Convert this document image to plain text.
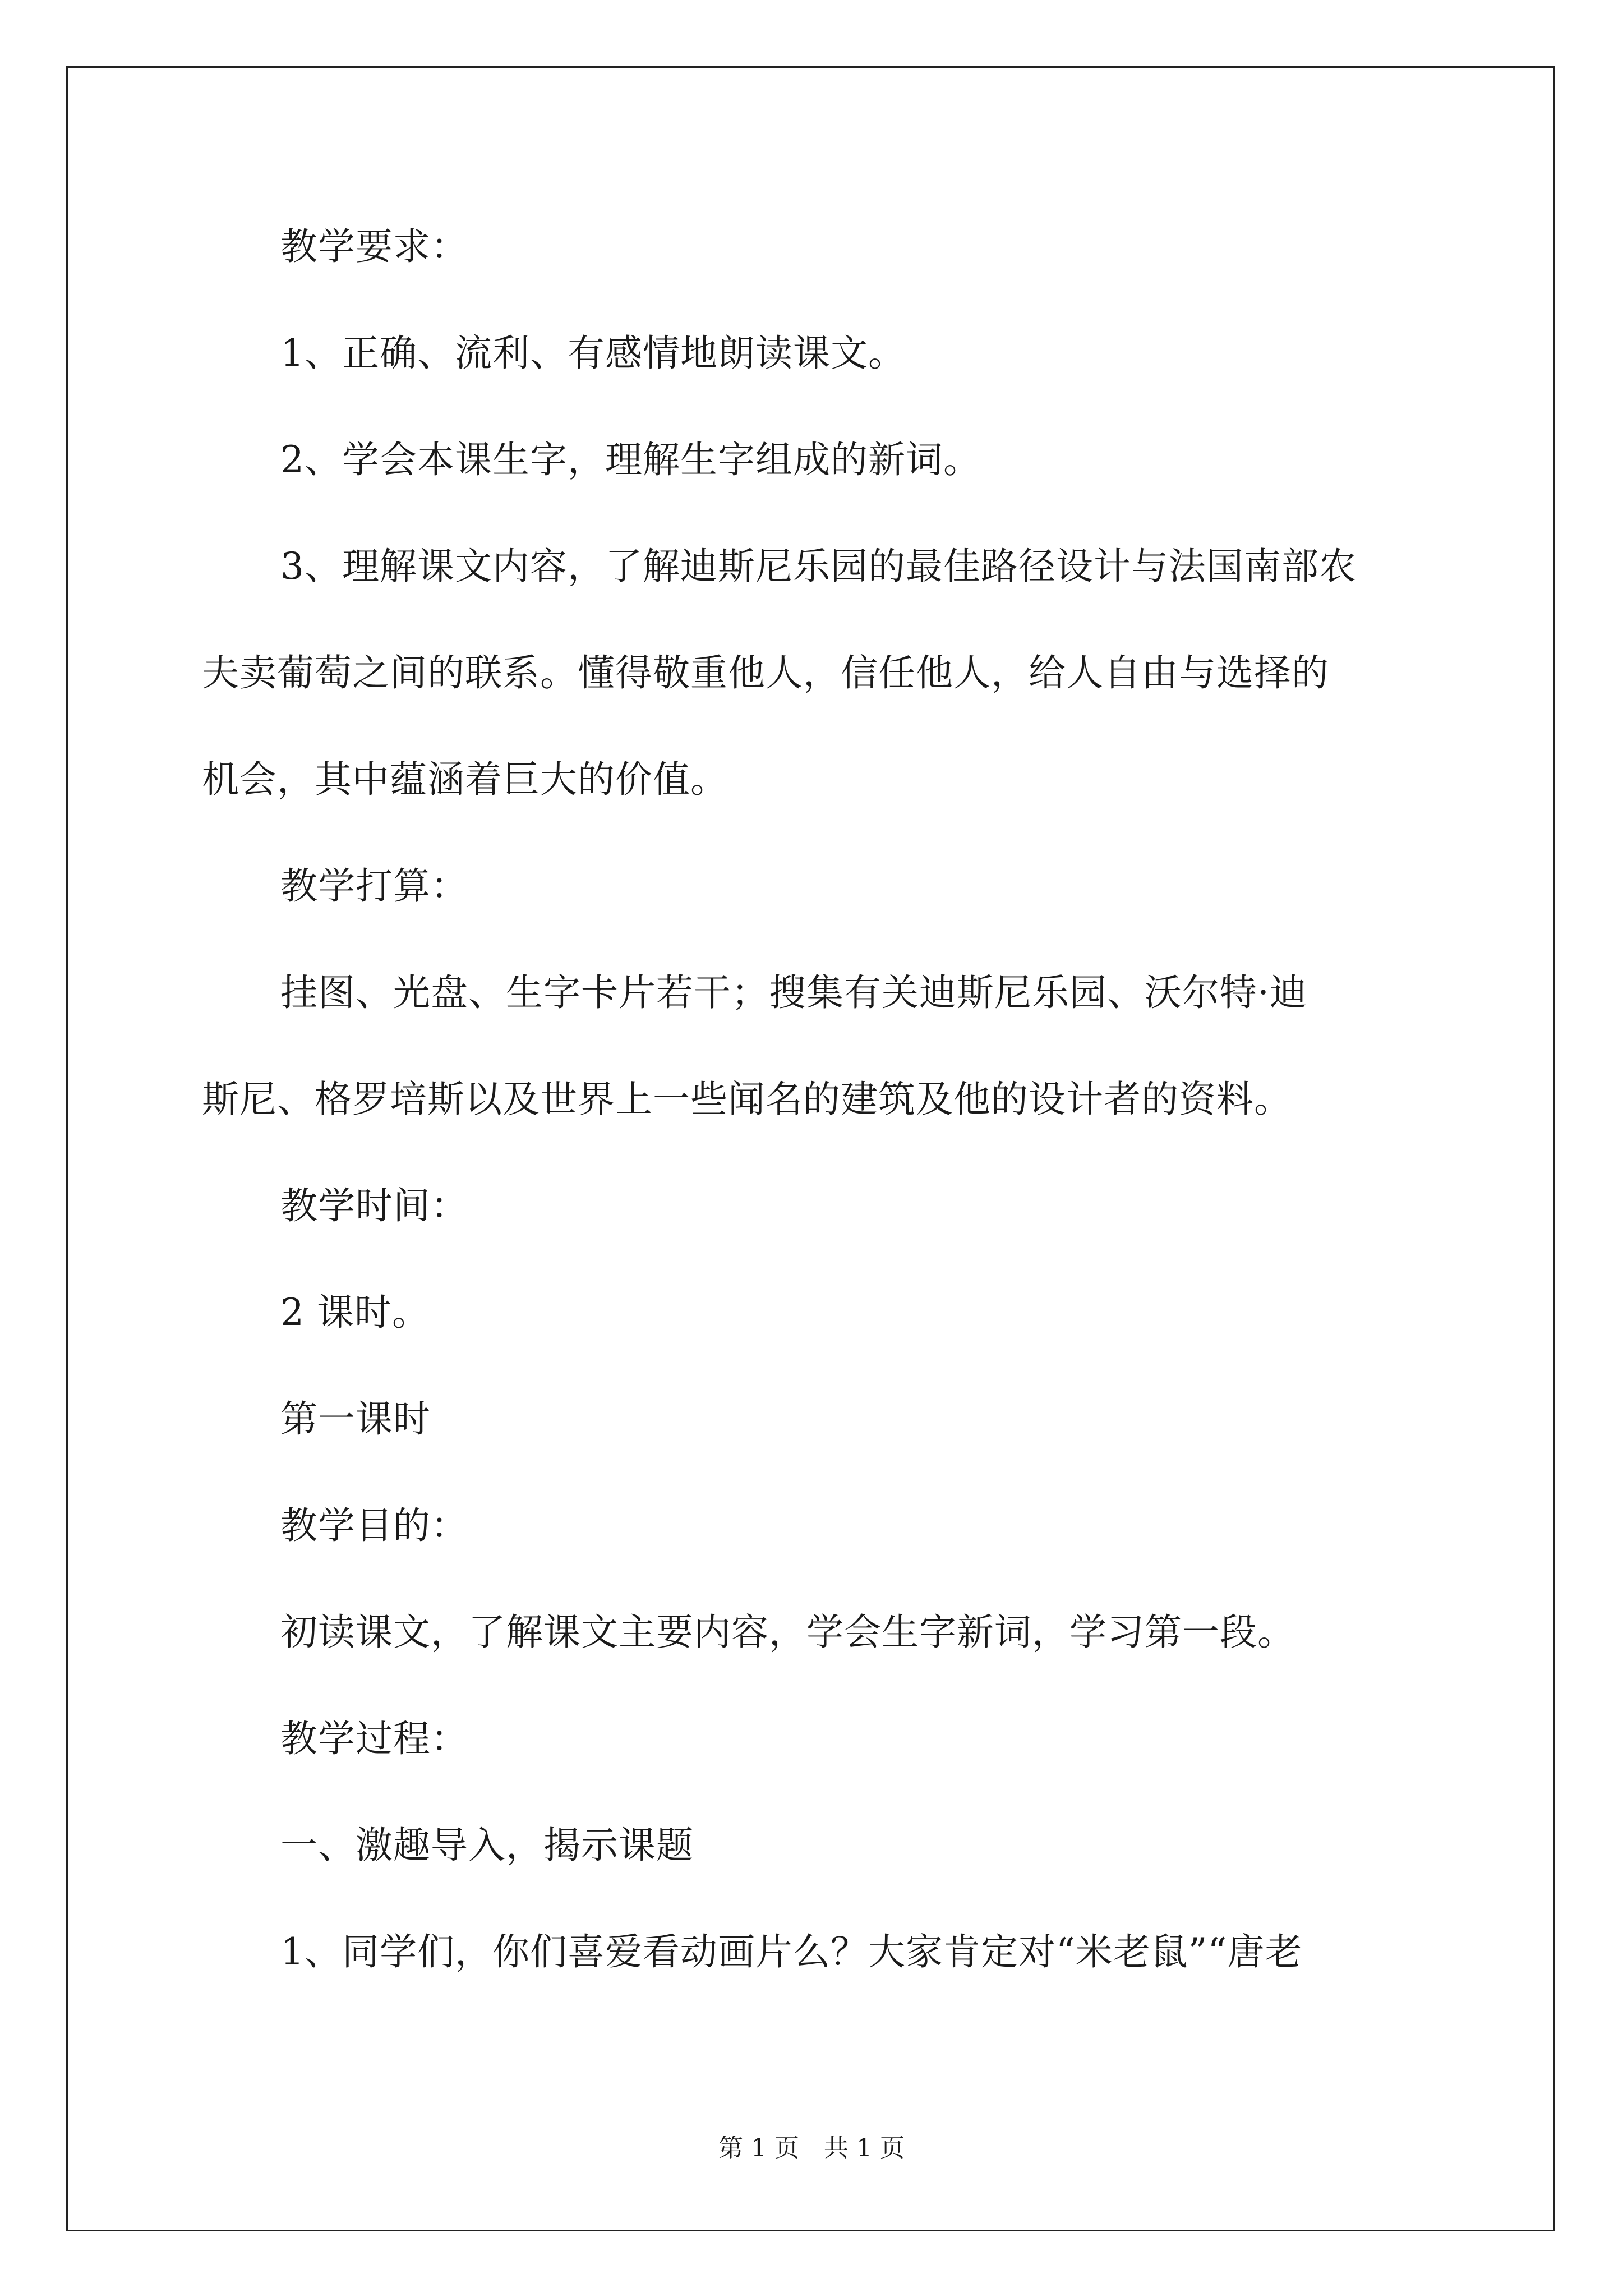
教学要求：
1、正确、流利、有感情地朗读课文。
2、学会本课生字，理解生字组成的新词。
3、理解课文内容，了解迪斯尼乐园的最佳路径设计与法国南部农
夫卖葡萄之间的联系。懂得敬重他人，信任他人，给人自由与选择的
机会，其中蕴涵着巨大的价值。
教学打算：
挂图、光盘、生字卡片若干；搜集有关迪斯尼乐园、沃尔特·迪
斯尼、格罗培斯以及世界上一些闻名的建筑及他的设计者的资料。
教学时间：
2 课时。
第一课时
教学目的：
初读课文，了解课文主要内容，学会生字新词，学习第一段。
教学过程：
一、激趣导入，揭示课题
1、同学们，你们喜爱看动画片么？大家肯定对“米老鼠”“唐老
第 1 页　共 1 页
